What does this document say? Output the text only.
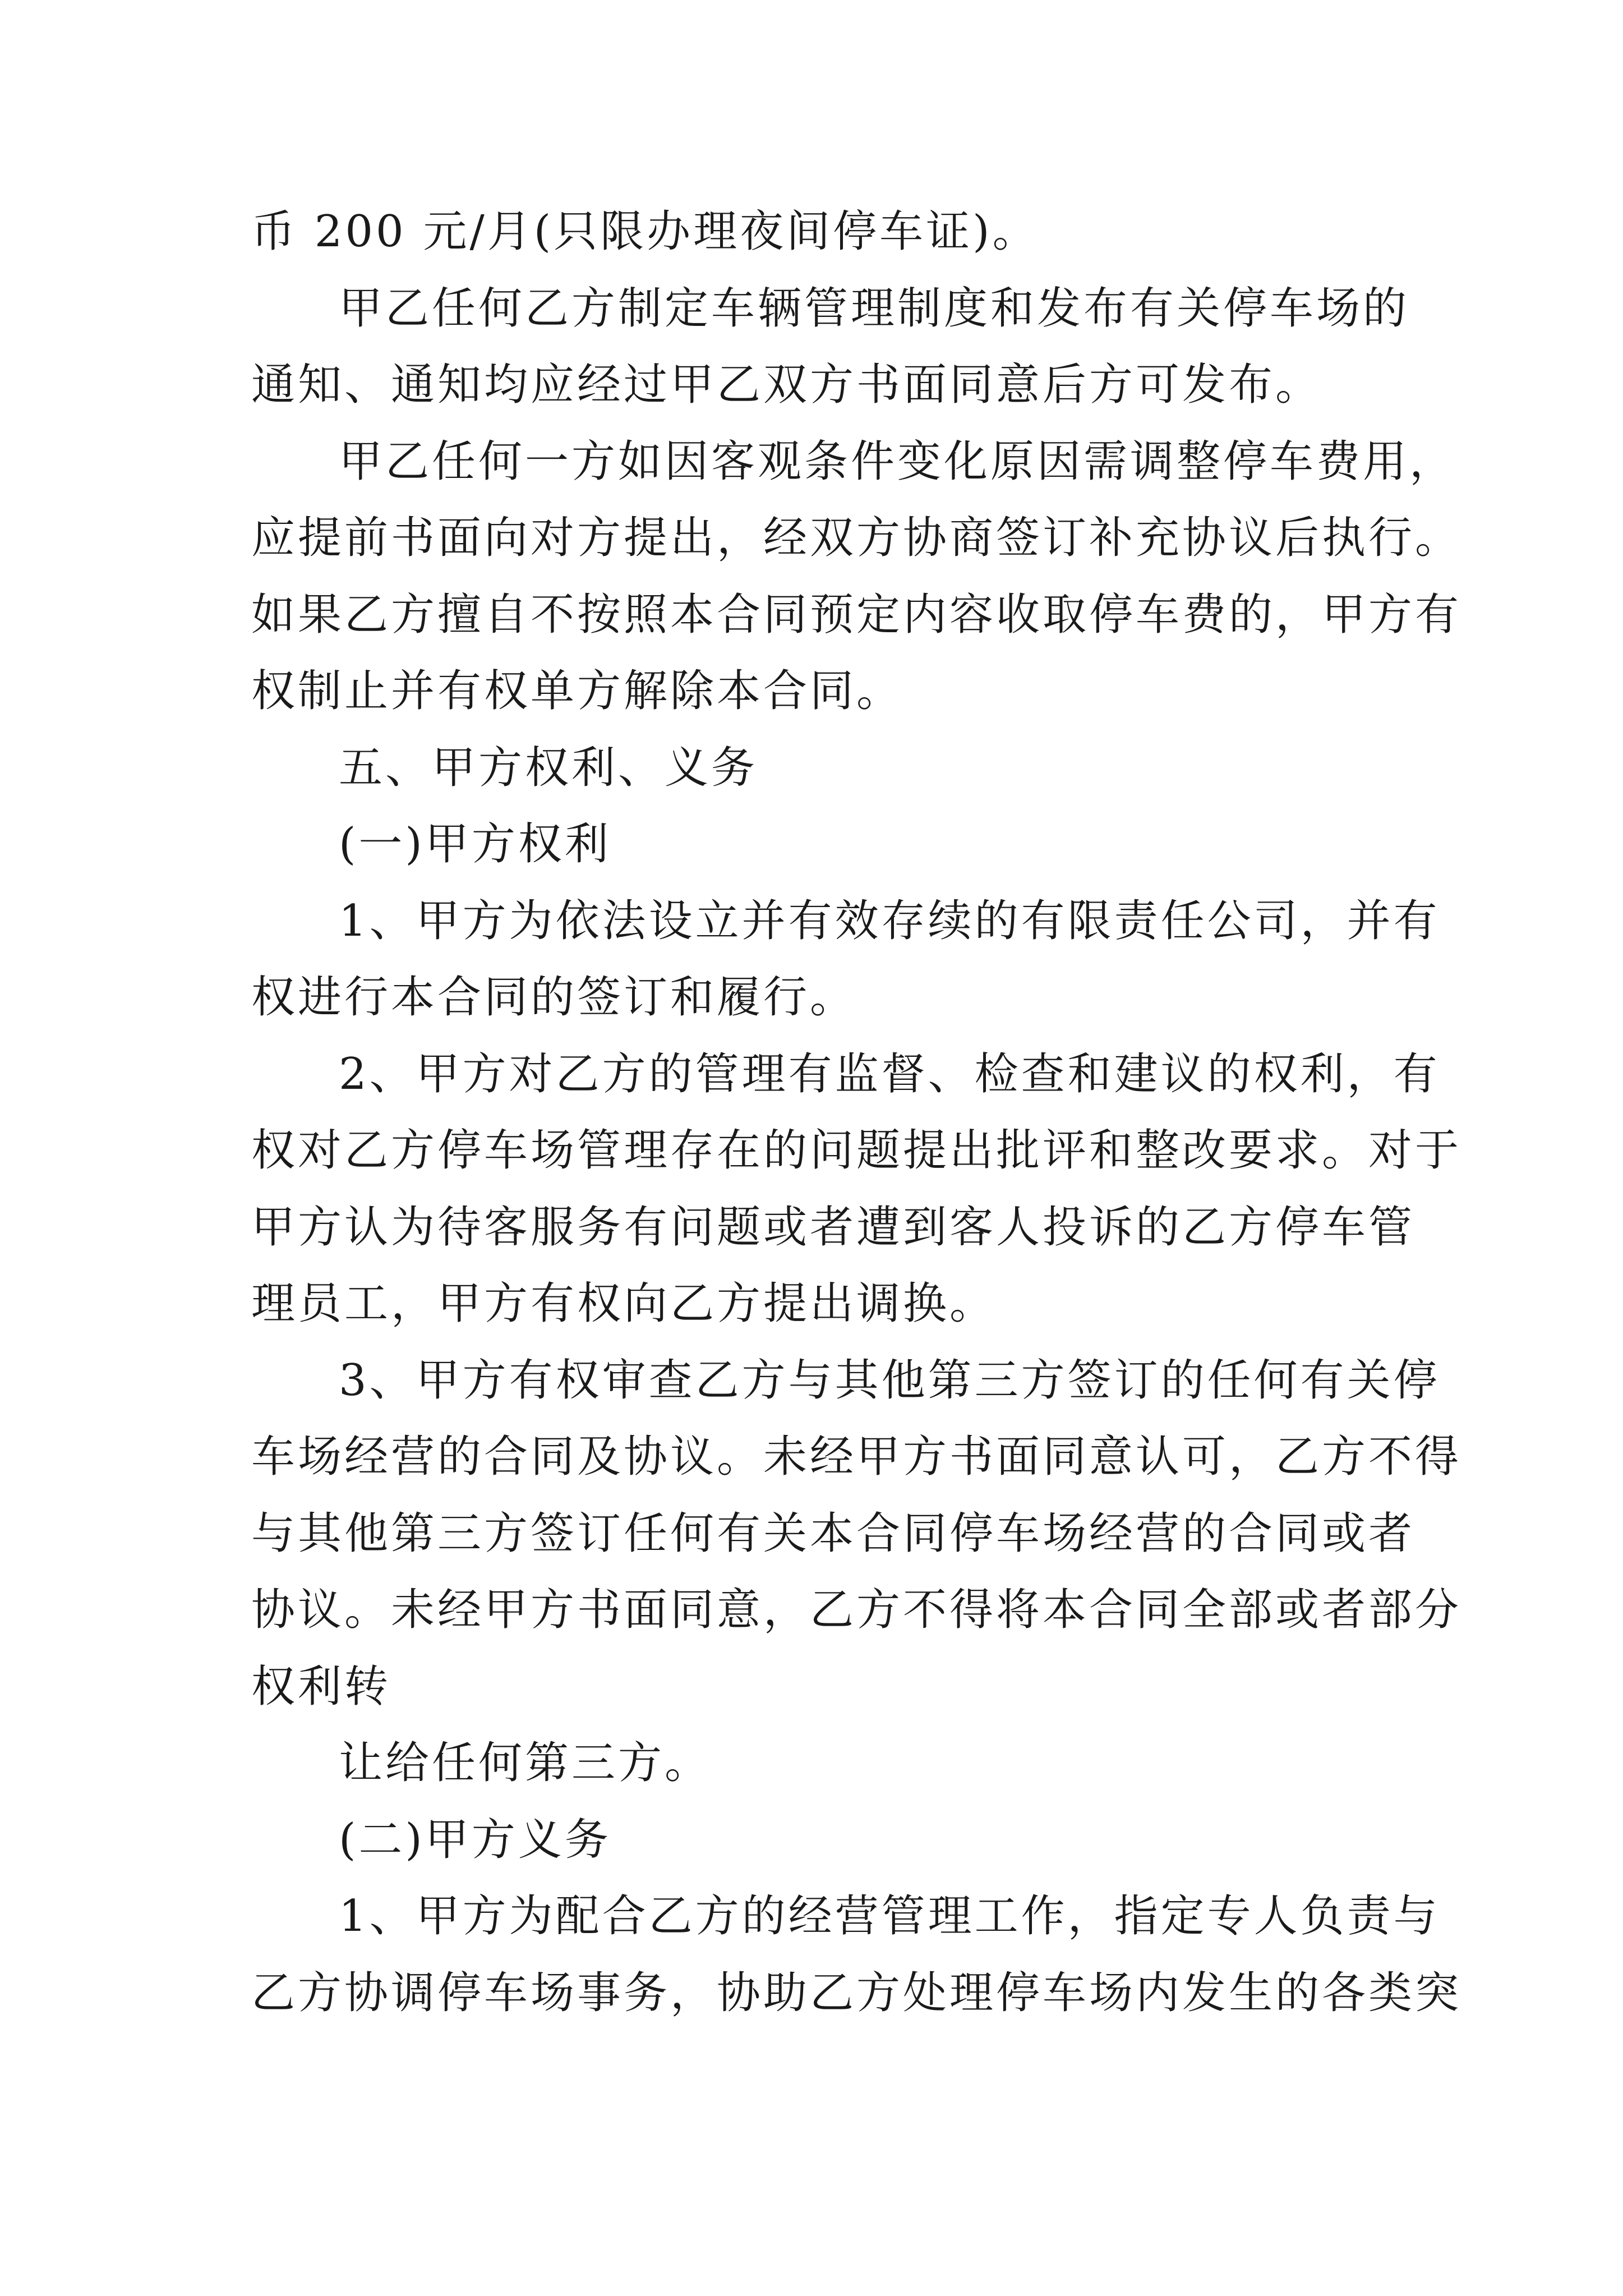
币 200 元/月(只限办理夜间停车证)。
甲乙任何乙方制定车辆管理制度和发布有关停车场的
通知、通知均应经过甲乙双方书面同意后方可发布。
甲乙任何一方如因客观条件变化原因需调整停车费用，
应提前书面向对方提出，经双方协商签订补充协议后执行。
如果乙方擅自不按照本合同预定内容收取停车费的，甲方有
权制止并有权单方解除本合同。
五、甲方权利、义务
(一)甲方权利
1、甲方为依法设立并有效存续的有限责任公司，并有
权进行本合同的签订和履行。
2、甲方对乙方的管理有监督、检查和建议的权利，有
权对乙方停车场管理存在的问题提出批评和整改要求。对于
甲方认为待客服务有问题或者遭到客人投诉的乙方停车管
理员工，甲方有权向乙方提出调换。
3、甲方有权审查乙方与其他第三方签订的任何有关停
车场经营的合同及协议。未经甲方书面同意认可，乙方不得
与其他第三方签订任何有关本合同停车场经营的合同或者
协议。未经甲方书面同意，乙方不得将本合同全部或者部分
权利转
让给任何第三方。
(二)甲方义务
1、甲方为配合乙方的经营管理工作，指定专人负责与
乙方协调停车场事务，协助乙方处理停车场内发生的各类突
